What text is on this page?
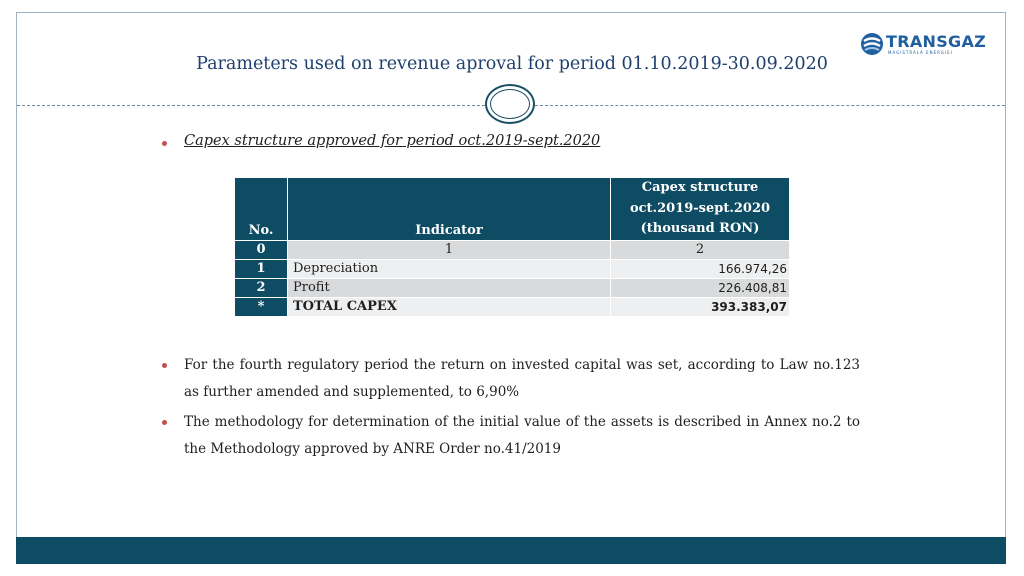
Parameters used on revenue aproval for period 01.10.2019-30.09.2020
TRANSGAZ
MAGISTRALA ENERGIEI
Capex structure approved for period oct.2019-sept.2020
No.	Indicator	Capex structure
oct.2019-sept.2020
(thousand RON)
0	1	2
1	Depreciation	166.974,26
2	Profit	226.408,81
*	TOTAL CAPEX	393.383,07
For the fourth regulatory period the return on invested capital was set, according to Law no.123 as further amended and supplemented, to 6,90%
The methodology for determination of the initial value of the assets is described in Annex no.2 to the Methodology approved by ANRE Order no.41/2019
